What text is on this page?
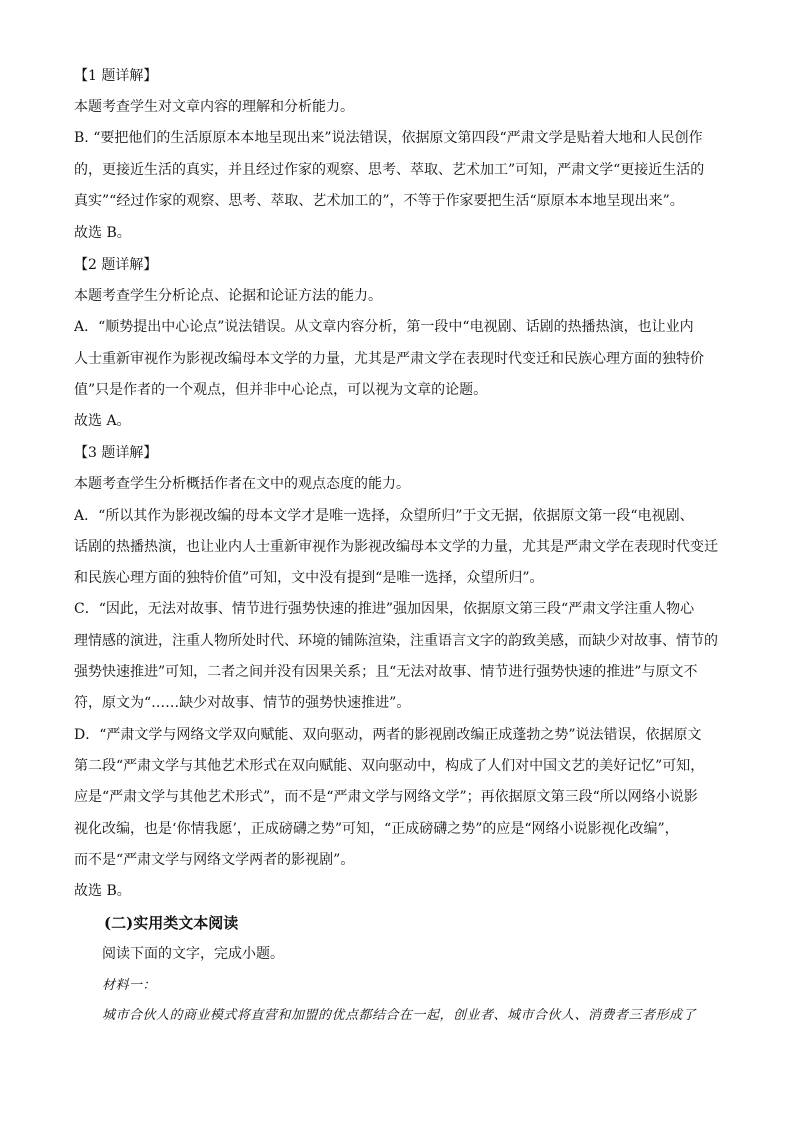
【1 题详解】
本题考查学生对文章内容的理解和分析能力。
B. “要把他们的生活原原本本地呈现出来”说法错误，依据原文第四段“严肃文学是贴着大地和人民创作
的，更接近生活的真实，并且经过作家的观察、思考、萃取、艺术加工”可知，严肃文学“更接近生活的
真实”“经过作家的观察、思考、萃取、艺术加工的”，不等于作家要把生活“原原本本地呈现出来”。
故选 B。
【2 题详解】
本题考查学生分析论点、论据和论证方法的能力。
A．“顺势提出中心论点”说法错误。从文章内容分析，第一段中“电视剧、话剧的热播热演，也让业内
人士重新审视作为影视改编母本文学的力量，尤其是严肃文学在表现时代变迁和民族心理方面的独特价
值”只是作者的一个观点，但并非中心论点，可以视为文章的论题。
故选 A。
【3 题详解】
本题考查学生分析概括作者在文中的观点态度的能力。
A．“所以其作为影视改编的母本文学才是唯一选择，众望所归”于文无据，依据原文第一段“电视剧、
话剧的热播热演，也让业内人士重新审视作为影视改编母本文学的力量，尤其是严肃文学在表现时代变迁
和民族心理方面的独特价值”可知，文中没有提到“是唯一选择，众望所归”。
C．“因此，无法对故事、情节进行强势快速的推进”强加因果，依据原文第三段“严肃文学注重人物心
理情感的演进，注重人物所处时代、环境的铺陈渲染，注重语言文字的韵致美感，而缺少对故事、情节的
强势快速推进”可知，二者之间并没有因果关系；且“无法对故事、情节进行强势快速的推进”与原文不
符，原文为“……缺少对故事、情节的强势快速推进”。
D．“严肃文学与网络文学双向赋能、双向驱动，两者的影视剧改编正成蓬勃之势”说法错误，依据原文
第二段“严肃文学与其他艺术形式在双向赋能、双向驱动中，构成了人们对中国文艺的美好记忆”可知，
应是“严肃文学与其他艺术形式”，而不是“严肃文学与网络文学”；再依据原文第三段“所以网络小说影
视化改编，也是‘你情我愿’，正成磅礴之势”可知，“正成磅礴之势”的应是“网络小说影视化改编”，
而不是“严肃文学与网络文学两者的影视剧”。
故选 B。
(二)实用类文本阅读
阅读下面的文字，完成小题。
材料一：
城市合伙人的商业模式将直营和加盟的优点都结合在一起，创业者、城市合伙人、消费者三者形成了
